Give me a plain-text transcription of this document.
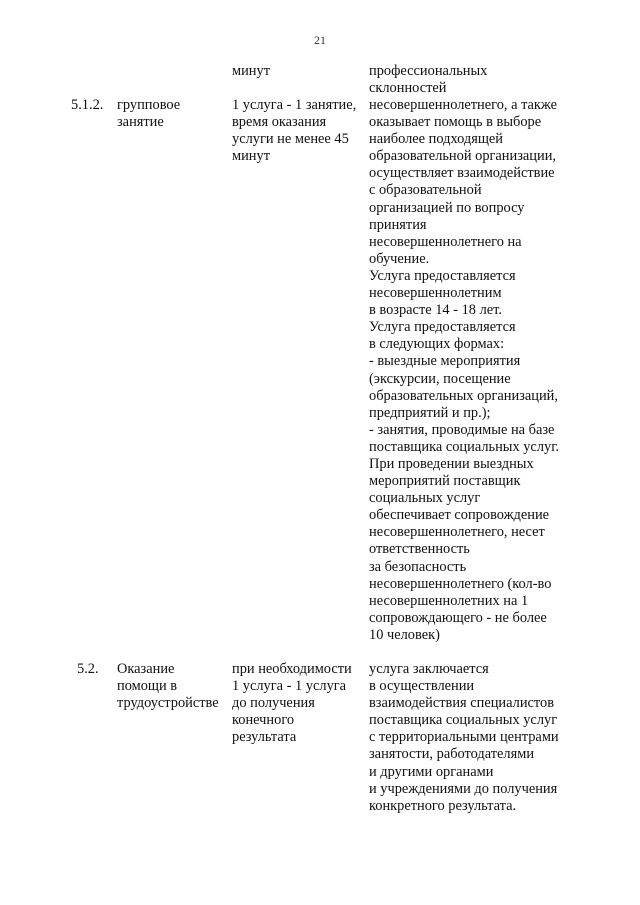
21
минут	профессиональных
склонностей
5.1.2. групповое
занятие
1 услуга - 1 занятие,
время оказания
услуги не менее 45
минут
несовершеннолетнего, а также
оказывает помощь в выборе
наиболее подходящей
образовательной организации,
осуществляет взаимодействие
с образовательной
организацией по вопросу
принятия
несовершеннолетнего на
обучение.
Услуга предоставляется
несовершеннолетним
в возрасте 14 - 18 лет.
Услуга предоставляется
в следующих формах:
- выездные мероприятия
(экскурсии, посещение
образовательных организаций,
предприятий и пр.);
- занятия, проводимые на базе
поставщика социальных услуг.
При проведении выездных
мероприятий поставщик
социальных услуг
обеспечивает сопровождение
несовершеннолетнего, несет
ответственность
за безопасность
несовершеннолетнего (кол-во
несовершеннолетних на 1
сопровождающего - не более
10 человек)
5.2.	Оказание
помощи в
трудоустройстве
при необходимости
1 услуга - 1 услуга
до получения
конечного
результата
услуга заключается
в осуществлении
взаимодействия специалистов
поставщика социальных услуг
с территориальными центрами
занятости, работодателями
и другими органами
и учреждениями до получения
конкретного результата.
